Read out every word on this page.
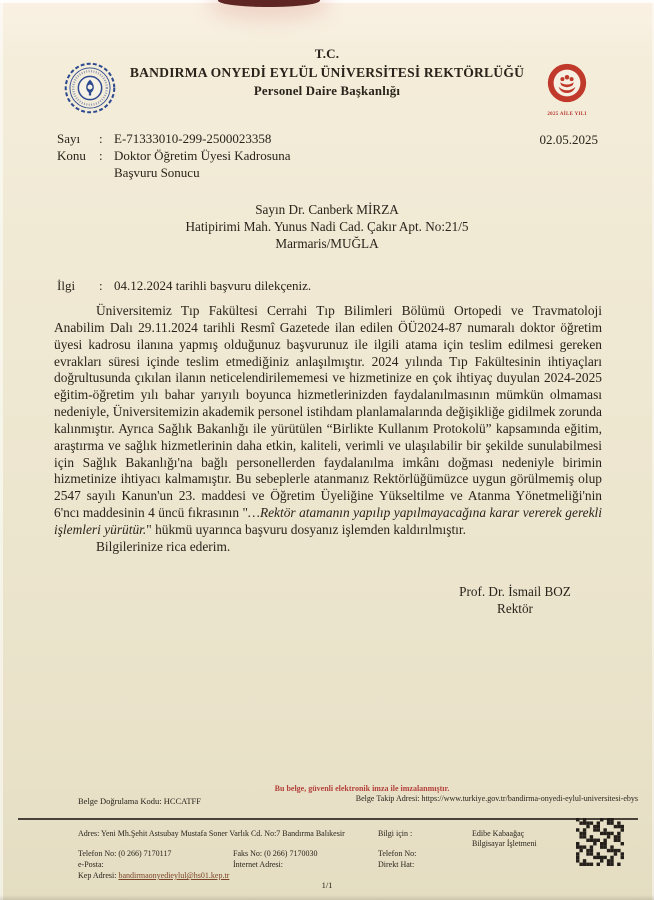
2025 AİLE YILI
T.C.
BANDIRMA ONYEDİ EYLÜL ÜNİVERSİTESİ REKTÖRLÜĞÜ
Personel Daire Başkanlığı
Sayı	: E-71333010-299-2500023358
Konu	: Doktor Öğretim Üyesi Kadrosuna
Başvuru Sonucu
02.05.2025
Sayın Dr. Canberk MİRZA
Hatipirimi Mah. Yunus Nadi Cad. Çakır Apt. No:21/5
Marmaris/MUĞLA
İlgi	: 04.12.2024 tarihli başvuru dilekçeniz.

Üniversitemiz Tıp Fakültesi Cerrahi Tıp Bilimleri Bölümü Ortopedi ve Travmatoloji Anabilim Dalı 29.11.2024 tarihli Resmî Gazetede ilan edilen ÖÜ2024-87 numaralı doktor öğretim üyesi kadrosu ilanına yapmış olduğunuz başvurunuz ile ilgili atama için teslim edilmesi gereken evrakları süresi içinde teslim etmediğiniz anlaşılmıştır. 2024 yılında Tıp Fakültesinin ihtiyaçları doğrultusunda çıkılan ilanın neticelendirilememesi ve hizmetinize en çok ihtiyaç duyulan 2024-2025 eğitim-öğretim yılı bahar yarıyılı boyunca hizmetlerinizden faydalanılmasının mümkün olmaması nedeniyle, Üniversitemizin akademik personel istihdam planlamalarında değişikliğe gidilmek zorunda kalınmıştır. Ayrıca Sağlık Bakanlığı ile yürütülen “Birlikte Kullanım Protokolü” kapsamında eğitim, araştırma ve sağlık hizmetlerinin daha etkin, kaliteli, verimli ve ulaşılabilir bir şekilde sunulabilmesi için Sağlık Bakanlığı'na bağlı personellerden faydalanılma imkânı doğması nedeniyle birimin hizmetinize ihtiyacı kalmamıştır. Bu sebeplerle atanmanız Rektörlüğümüzce uygun görülmemiş olup 2547 sayılı Kanun'un 23. maddesi ve Öğretim Üyeliğine Yükseltilme ve Atanma Yönetmeliği'nin 6'ncı maddesinin 4 üncü fıkrasının "…Rektör atamanın yapılıp yapılmayacağına karar vererek gerekli işlemleri yürütür." hükmü uyarınca başvuru dosyanız işlemden kaldırılmıştır.

Bilgilerinize rica ederim.

Prof. Dr. İsmail BOZ
Rektör
Bu belge, güvenli elektronik imza ile imzalanmıştır.
Belge Doğrulama Kodu: HCCATFF	Belge Takip Adresi: https://www.turkiye.gov.tr/bandirma-onyedi-eylul-universitesi-ebys
Adres: Yeni Mh.Şehit Astsubay Mustafa Soner Varlık Cd. No:7 Bandırma Balıkesir	Bilgi için :	Edibe Kabaağaç
Bilgisayar İşletmeni
Telefon No: (0 266) 7170117	Faks No: (0 266) 7170030	Telefon No:
e-Posta:	İnternet Adresi:	Direkt Hat:
Kep Adresi: bandirmaonyedieylul@hs01.kep.tr
1/1
